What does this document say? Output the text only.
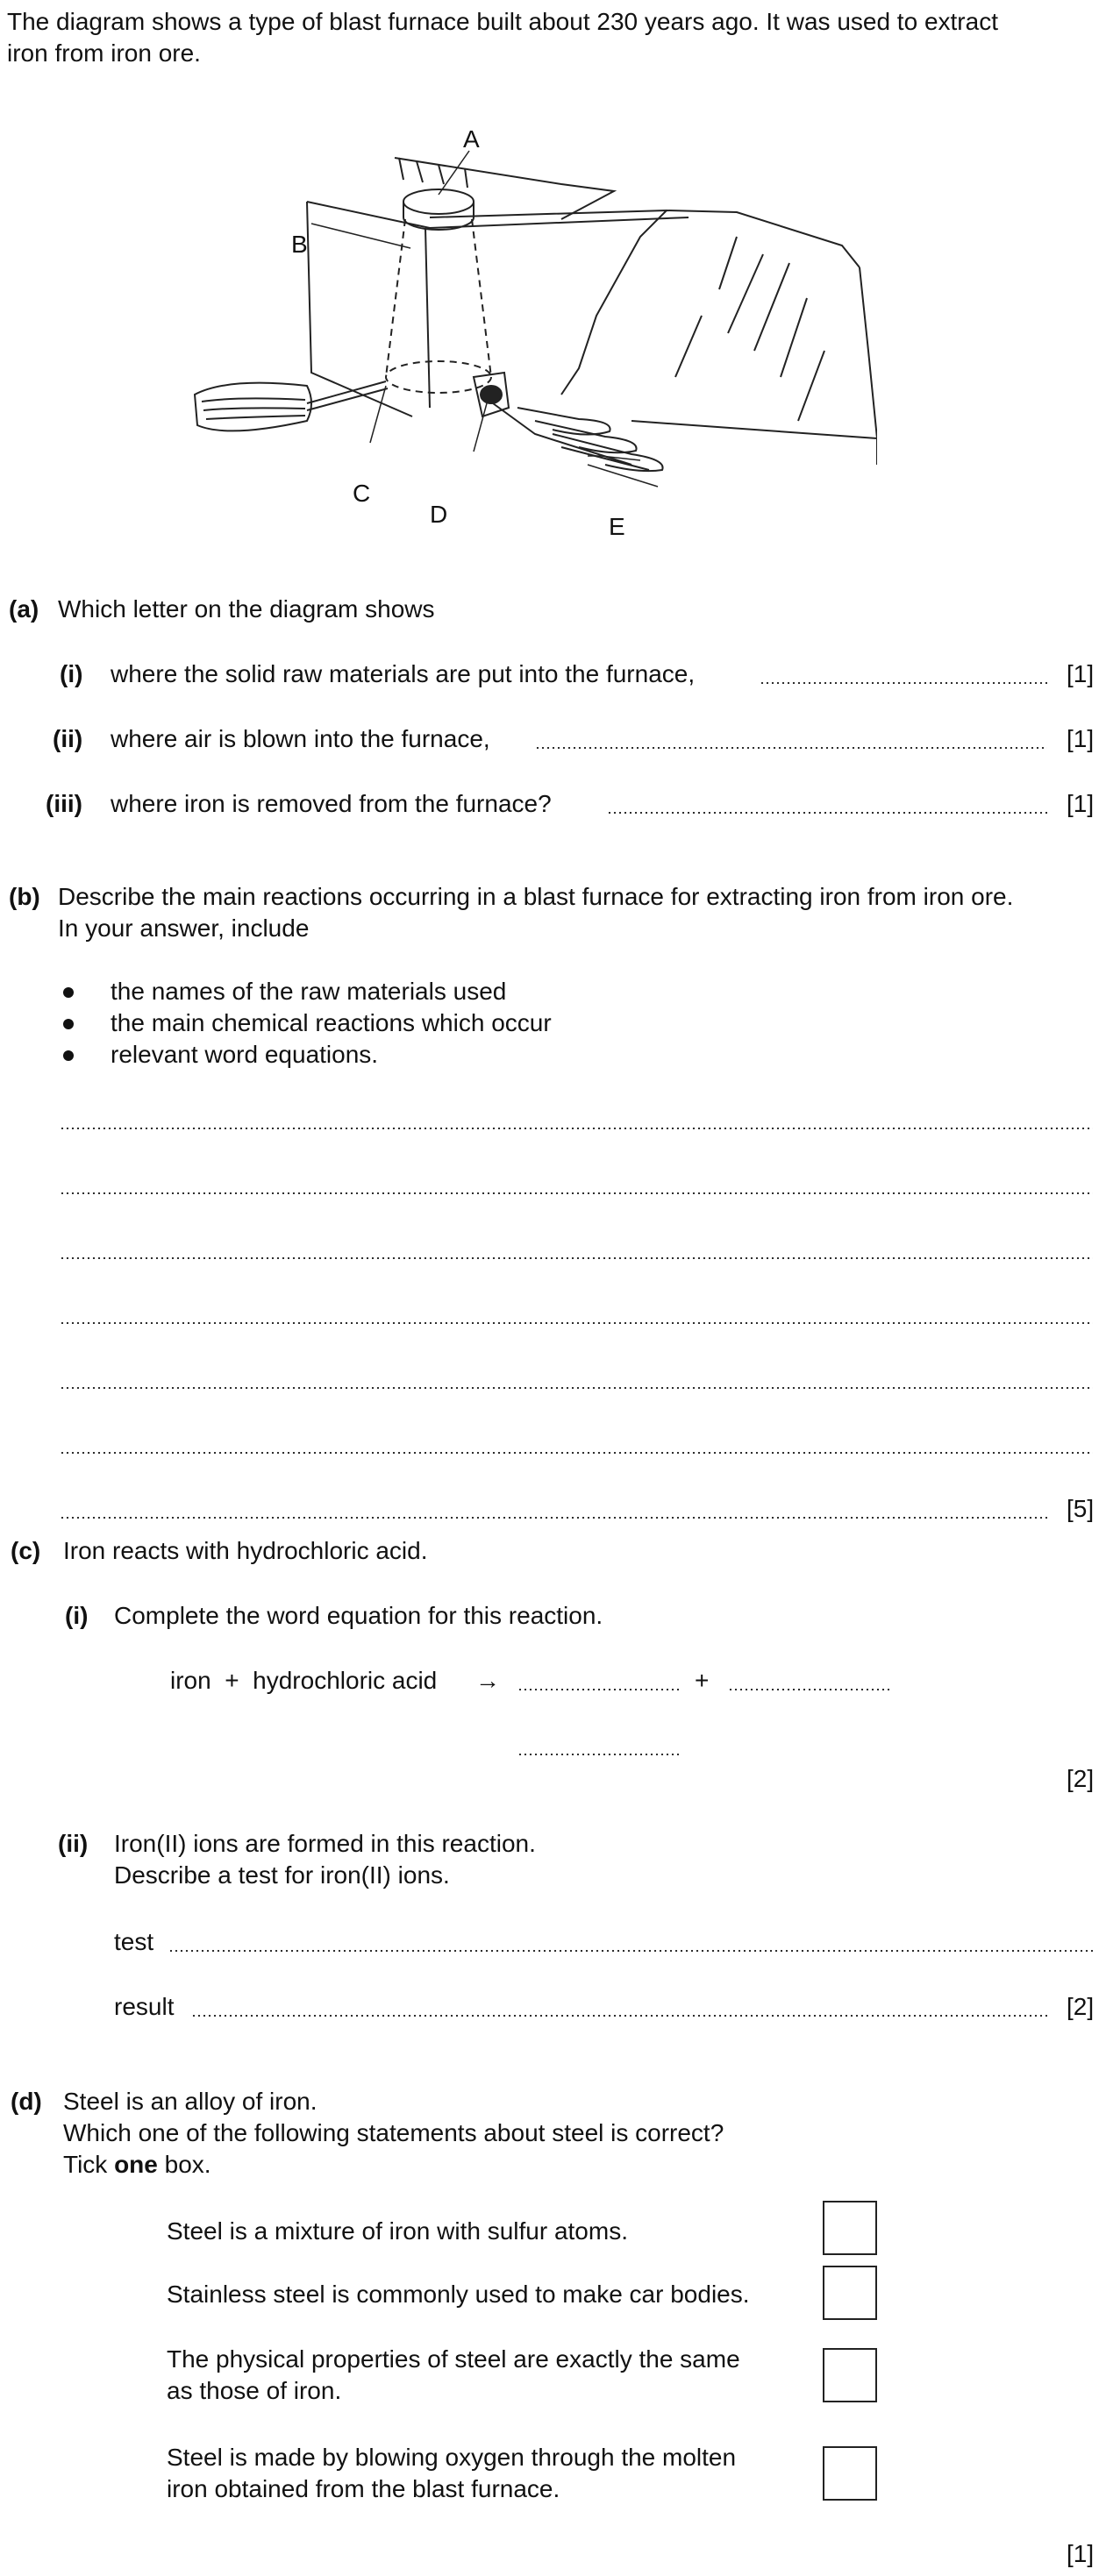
The diagram shows a type of blast furnace built about 230 years ago. It was used to extract
iron from iron ore.
A
B
C
D	E
(a) Which letter on the diagram shows
(i) where the solid raw materials are put into the furnace,	[1]
(ii) where air is blown into the furnace,	[1]
(iii) where iron is removed from the furnace?	[1]
(b) Describe the main reactions occurring in a blast furnace for extracting iron from iron ore.
In your answer, include
the names of the raw materials used
the main chemical reactions which occur
relevant word equations.
[5]
(c) Iron reacts with hydrochloric acid.
(i) Complete the word equation for this reaction.
iron  +  hydrochloric acid →	+
[2]
(ii) Iron(II) ions are formed in this reaction.
Describe a test for iron(II) ions.
test
result	[2]
(d) Steel is an alloy of iron.
Which one of the following statements about steel is correct?
Tick one box.
Steel is a mixture of iron with sulfur atoms.
Stainless steel is commonly used to make car bodies.
The physical properties of steel are exactly the same
as those of iron.
Steel is made by blowing oxygen through the molten
iron obtained from the blast furnace.
[1]
